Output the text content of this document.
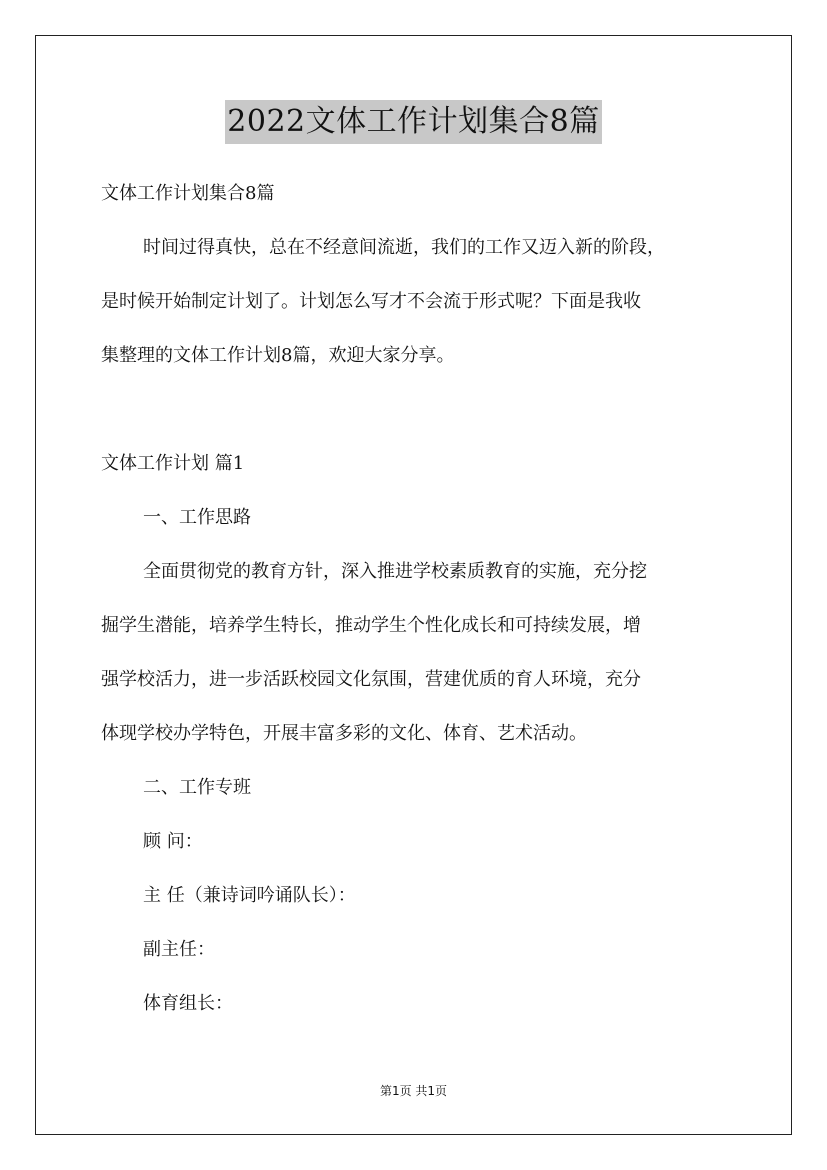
2022文体工作计划集合8篇
文体工作计划集合8篇
时间过得真快，总在不经意间流逝，我们的工作又迈入新的阶段，
是时候开始制定计划了。计划怎么写才不会流于形式呢？下面是我收
集整理的文体工作计划8篇，欢迎大家分享。
文体工作计划 篇1
一、工作思路
全面贯彻党的教育方针，深入推进学校素质教育的实施，充分挖
掘学生潜能，培养学生特长，推动学生个性化成长和可持续发展，增
强学校活力，进一步活跃校园文化氛围，营建优质的育人环境，充分
体现学校办学特色，开展丰富多彩的文化、体育、艺术活动。
二、工作专班
顾 问：
主 任（兼诗词吟诵队长）：
副主任：
体育组长：
第1页 共1页
